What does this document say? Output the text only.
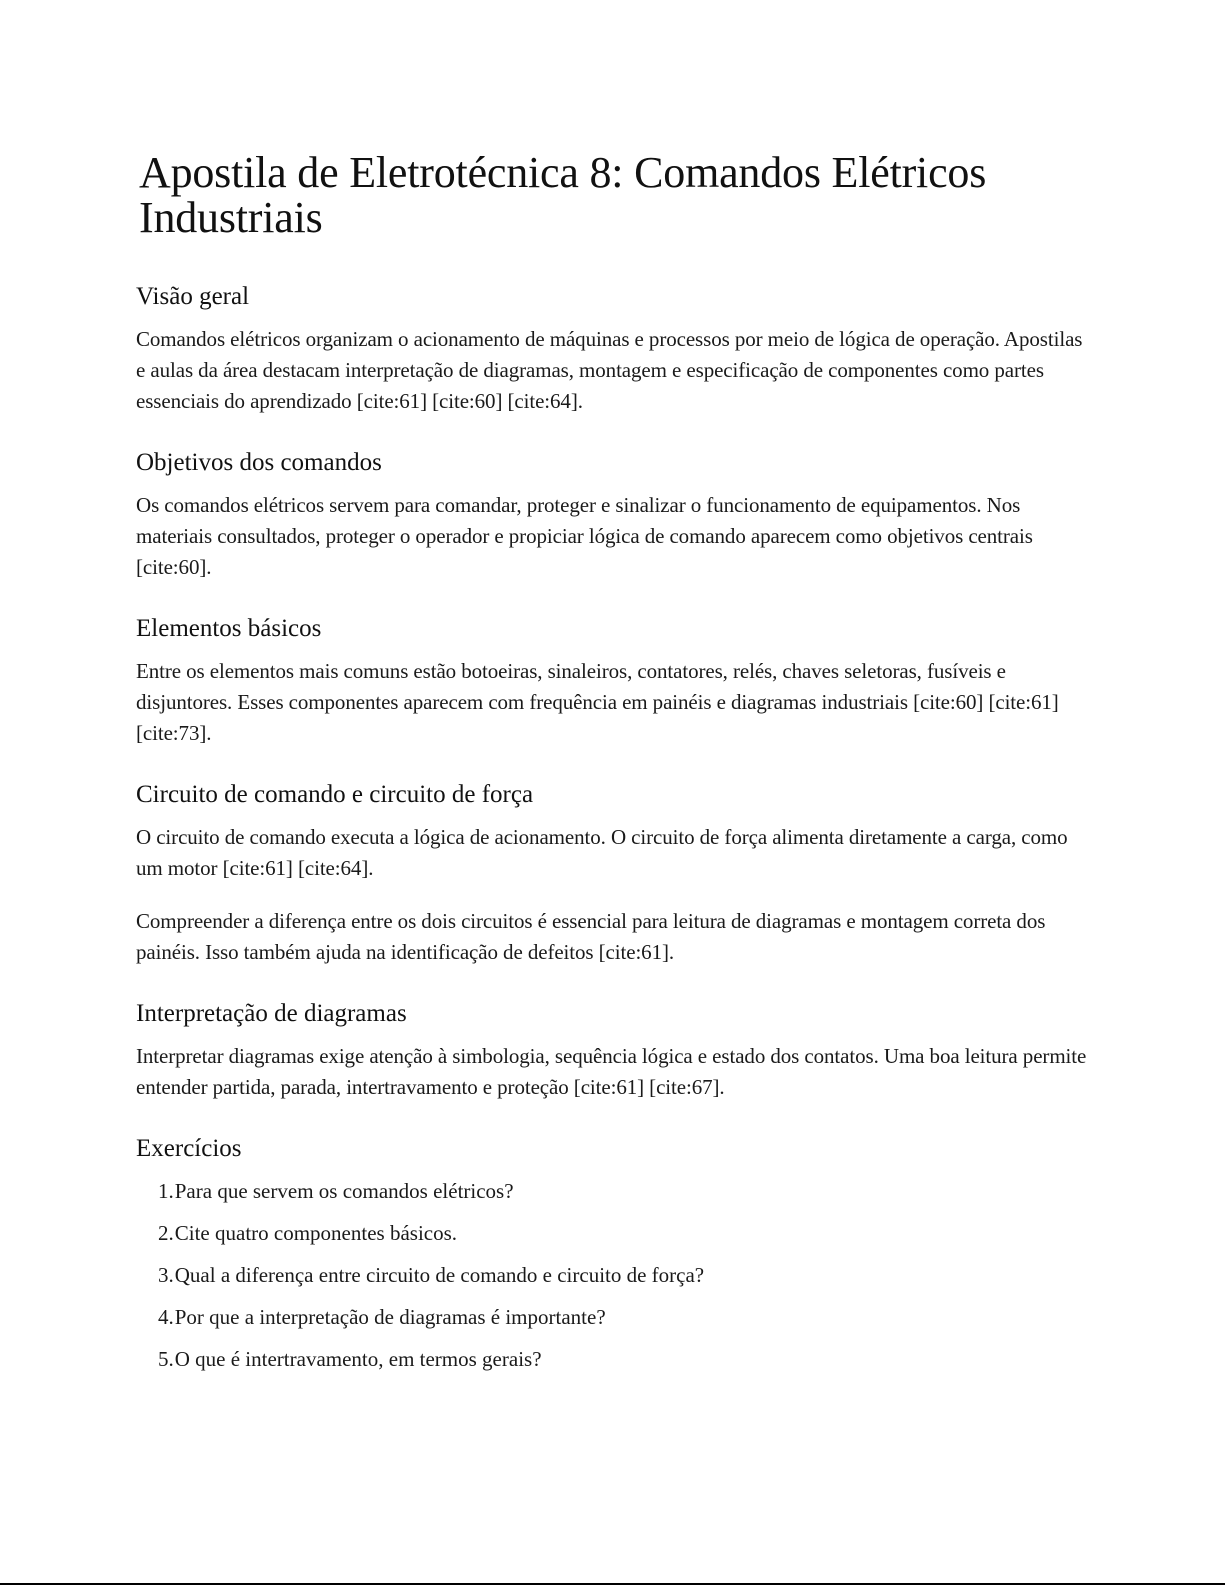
Apostila de Eletrotécnica 8: Comandos Elétricos Industriais
Visão geral

Comandos elétricos organizam o acionamento de máquinas e processos por meio de lógica de operação. Apostilas e aulas da área destacam interpretação de diagramas, montagem e especificação de componentes como partes essenciais do aprendizado [cite:61] [cite:60] [cite:64].

Objetivos dos comandos

Os comandos elétricos servem para comandar, proteger e sinalizar o funcionamento de equipamentos. Nos materiais consultados, proteger o operador e propiciar lógica de comando aparecem como objetivos centrais [cite:60].

Elementos básicos

Entre os elementos mais comuns estão botoeiras, sinaleiros, contatores, relés, chaves seletoras, fusíveis e disjuntores. Esses componentes aparecem com frequência em painéis e diagramas industriais [cite:60] [cite:61] [cite:73].

Circuito de comando e circuito de força

O circuito de comando executa a lógica de acionamento. O circuito de força alimenta diretamente a carga, como um motor [cite:61] [cite:64].

Compreender a diferença entre os dois circuitos é essencial para leitura de diagramas e montagem correta dos painéis. Isso também ajuda na identificação de defeitos [cite:61].

Interpretação de diagramas

Interpretar diagramas exige atenção à simbologia, sequência lógica e estado dos contatos. Uma boa leitura permite entender partida, parada, intertravamento e proteção [cite:61] [cite:67].

Exercícios
1.Para que servem os comandos elétricos?
2.Cite quatro componentes básicos.
3.Qual a diferença entre circuito de comando e circuito de força?
4.Por que a interpretação de diagramas é importante?
5.O que é intertravamento, em termos gerais?
